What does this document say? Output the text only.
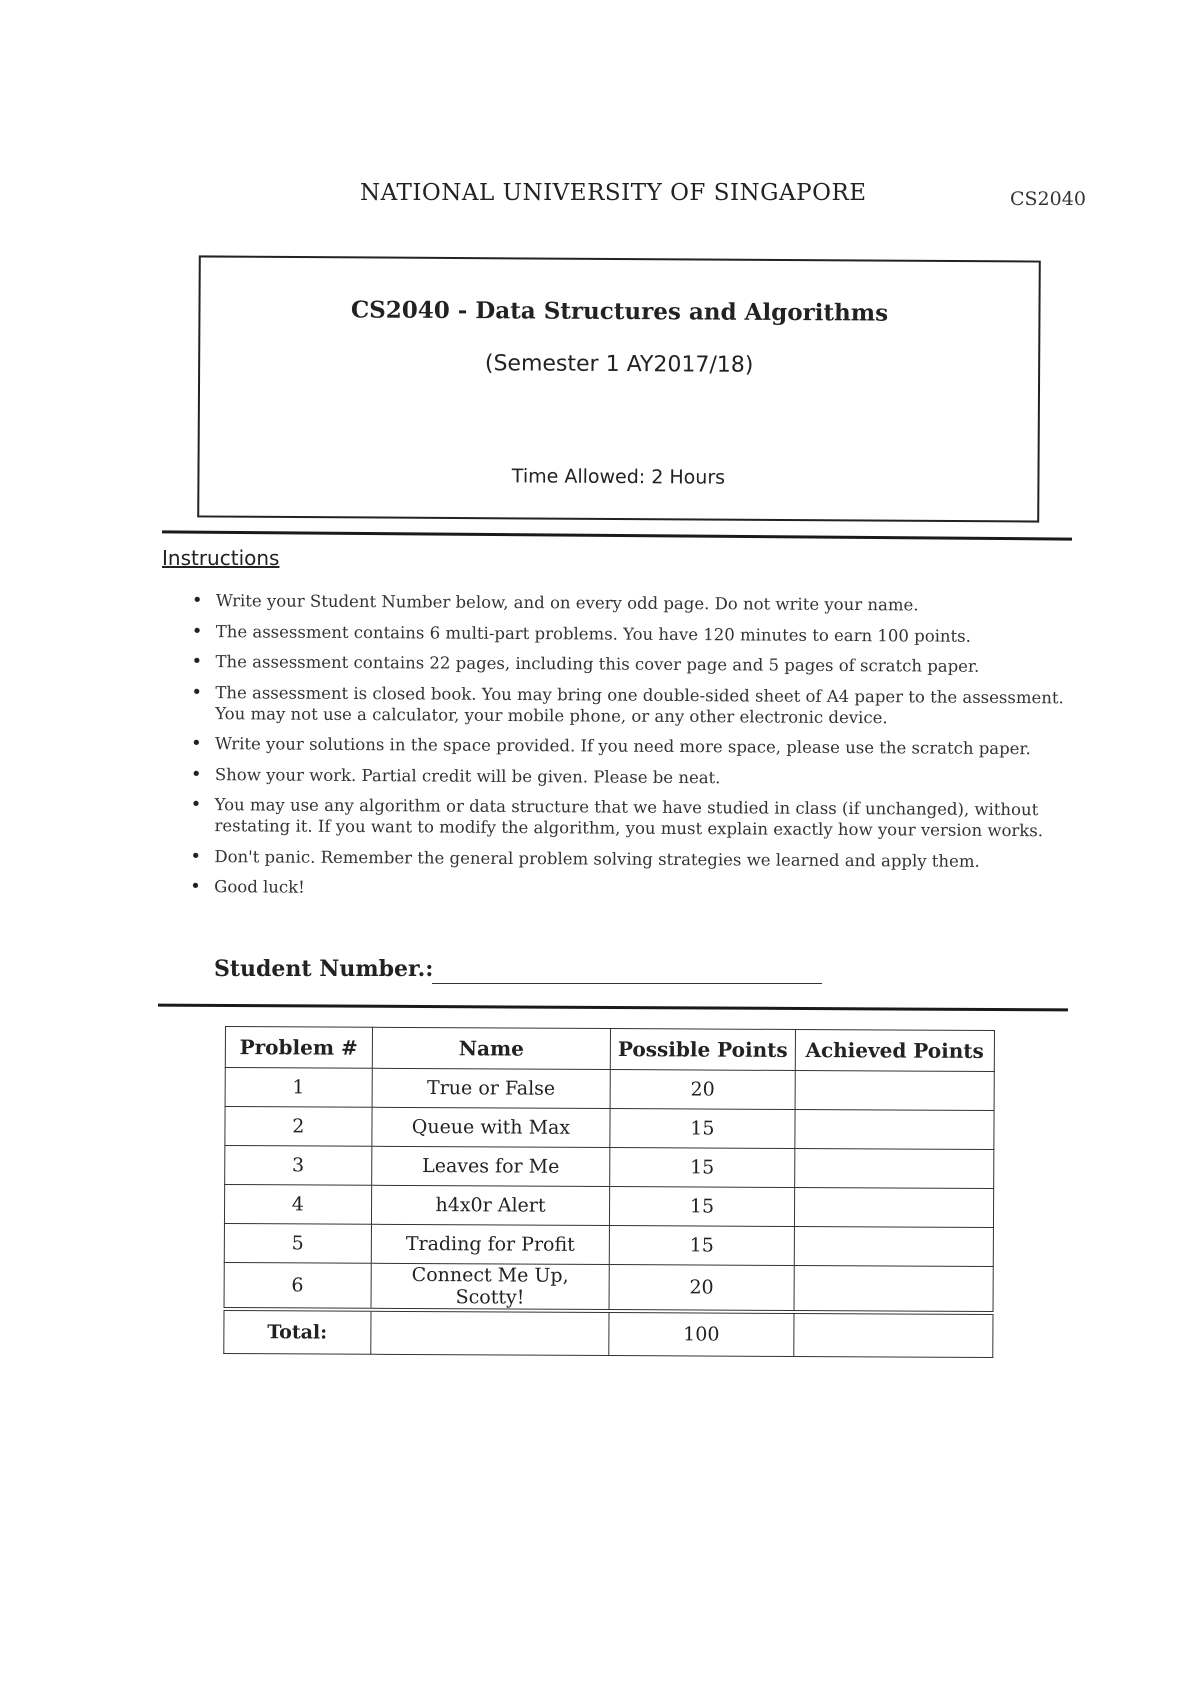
NATIONAL UNIVERSITY OF SINGAPORE	CS2040
CS2040 - Data Structures and Algorithms
(Semester 1 AY2017/18)
Time Allowed: 2 Hours
Instructions
• Write your Student Number below, and on every odd page. Do not write your name.
• The assessment contains 6 multi-part problems. You have 120 minutes to earn 100 points.
• The assessment contains 22 pages, including this cover page and 5 pages of scratch paper.
• The assessment is closed book. You may bring one double-sided sheet of A4 paper to the assessment. You may not use a calculator, your mobile phone, or any other electronic device.
• Write your solutions in the space provided. If you need more space, please use the scratch paper.
• Show your work. Partial credit will be given. Please be neat.
• You may use any algorithm or data structure that we have studied in class (if unchanged), without restating it. If you want to modify the algorithm, you must explain exactly how your version works.
• Don't panic. Remember the general problem solving strategies we learned and apply them.
• Good luck!
Student Number.:
Problem #	Name	Possible Points	Achieved Points
1	True or False	20	
2	Queue with Max	15	
3	Leaves for Me	15	
4	h4x0r Alert	15	
5	Trading for Profit	15	
6	Connect Me Up, Scotty!	20	
Total:		100	
